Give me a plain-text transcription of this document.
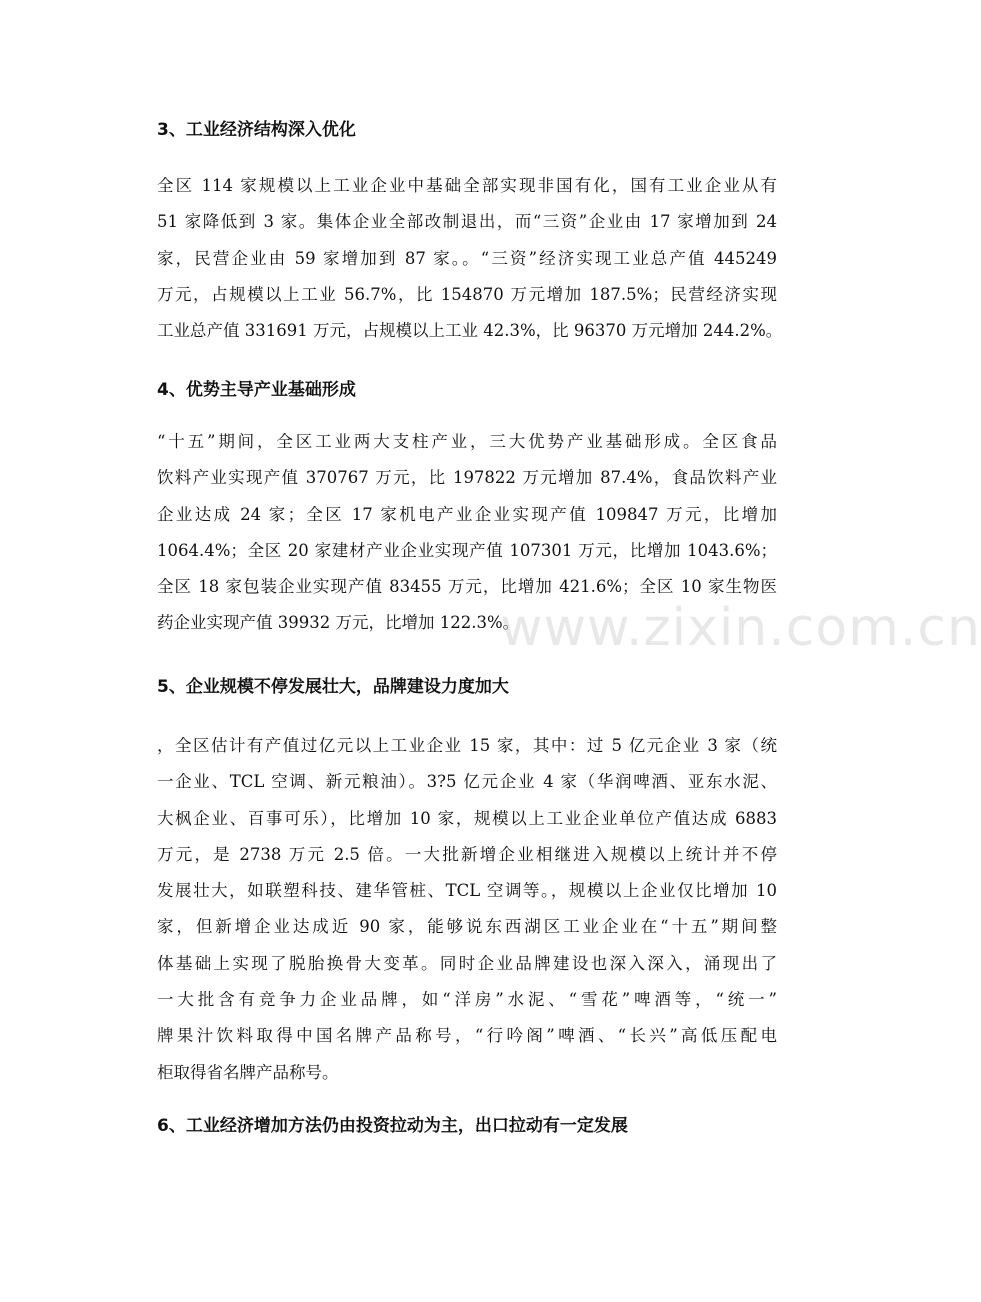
3、工业经济结构深入优化
全区 114 家规模以上工业企业中基础全部实现非国有化，国有工业企业从有
51 家降低到 3 家。集体企业全部改制退出，而“三资”企业由 17 家增加到 24
家，民营企业由 59 家增加到 87 家。。“三资”经济实现工业总产值 445249
万元，占规模以上工业 56.7%，比 154870 万元增加 187.5%；民营经济实现
工业总产值 331691 万元，占规模以上工业 42.3%，比 96370 万元增加 244.2%。
4、优势主导产业基础形成
“十五”期间，全区工业两大支柱产业，三大优势产业基础形成。全区食品
饮料产业实现产值 370767 万元，比 197822 万元增加 87.4%，食品饮料产业
企业达成 24 家；全区 17 家机电产业企业实现产值 109847 万元，比增加
1064.4%；全区 20 家建材产业企业实现产值 107301 万元，比增加 1043.6%；
全区 18 家包装企业实现产值 83455 万元，比增加 421.6%；全区 10 家生物医
药企业实现产值 39932 万元，比增加 122.3%。
5、企业规模不停发展壮大，品牌建设力度加大
，全区估计有产值过亿元以上工业企业 15 家，其中：过 5 亿元企业 3 家（统
一企业、TCL 空调、新元粮油）。3?5 亿元企业 4 家（华润啤酒、亚东水泥、
大枫企业、百事可乐），比增加 10 家，规模以上工业企业单位产值达成 6883
万元，是 2738 万元 2.5 倍。一大批新增企业相继进入规模以上统计并不停
发展壮大，如联塑科技、建华管桩、TCL 空调等。，规模以上企业仅比增加 10
家，但新增企业达成近 90 家，能够说东西湖区工业企业在“十五”期间整
体基础上实现了脱胎换骨大变革。同时企业品牌建设也深入深入，涌现出了
一大批含有竞争力企业品牌，如“洋房”水泥、“雪花”啤酒等，“统一”
牌果汁饮料取得中国名牌产品称号，“行吟阁”啤酒、“长兴”高低压配电
柜取得省名牌产品称号。
6、工业经济增加方法仍由投资拉动为主，出口拉动有一定发展
www.zixin.com.cn
